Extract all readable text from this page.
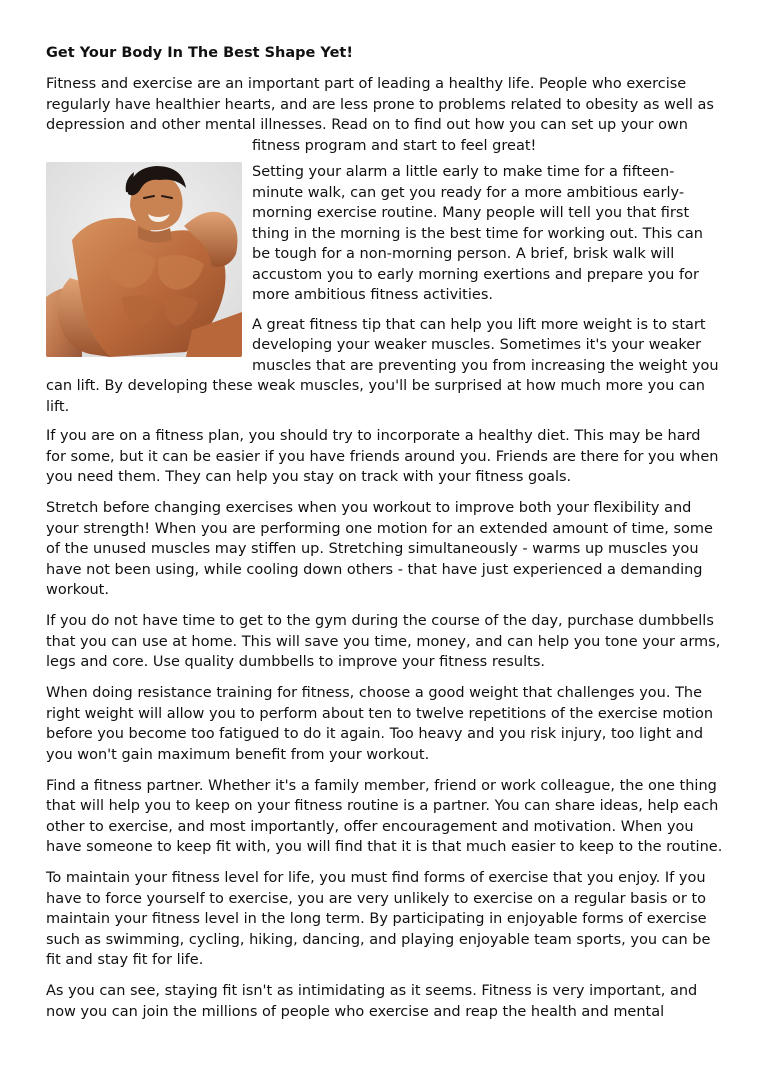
Get Your Body In The Best Shape Yet!

Fitness and exercise are an important part of leading a healthy life. People who exercise regularly have healthier hearts, and are less prone to problems related to obesity as well as depression and other mental illnesses. Read on to find out how you can set up your own
fitness program and start to feel great!

Setting your alarm a little early to make time for a fifteen-minute walk, can get you ready for a more ambitious early-morning exercise routine. Many people will tell you that first thing in the morning is the best time for working out. This can be tough for a non-morning person. A brief, brisk walk will accustom you to early morning exertions and prepare you for more ambitious fitness activities.

A great fitness tip that can help you lift more weight is to start developing your weaker muscles. Sometimes it's your weaker muscles that are preventing you from increasing the weight you can lift. By developing these weak muscles, you'll be surprised at how much more you can lift.

If you are on a fitness plan, you should try to incorporate a healthy diet. This may be hard for some, but it can be easier if you have friends around you. Friends are there for you when you need them. They can help you stay on track with your fitness goals.

Stretch before changing exercises when you workout to improve both your flexibility and your strength! When you are performing one motion for an extended amount of time, some of the unused muscles may stiffen up. Stretching simultaneously - warms up muscles you have not been using, while cooling down others - that have just experienced a demanding workout.

If you do not have time to get to the gym during the course of the day, purchase dumbbells that you can use at home. This will save you time, money, and can help you tone your arms, legs and core. Use quality dumbbells to improve your fitness results.

When doing resistance training for fitness, choose a good weight that challenges you. The right weight will allow you to perform about ten to twelve repetitions of the exercise motion before you become too fatigued to do it again. Too heavy and you risk injury, too light and you won't gain maximum benefit from your workout.

Find a fitness partner. Whether it's a family member, friend or work colleague, the one thing that will help you to keep on your fitness routine is a partner. You can share ideas, help each other to exercise, and most importantly, offer encouragement and motivation. When you have someone to keep fit with, you will find that it is that much easier to keep to the routine.

To maintain your fitness level for life, you must find forms of exercise that you enjoy. If you have to force yourself to exercise, you are very unlikely to exercise on a regular basis or to maintain your fitness level in the long term. By participating in enjoyable forms of exercise such as swimming, cycling, hiking, dancing, and playing enjoyable team sports, you can be fit and stay fit for life.

As you can see, staying fit isn't as intimidating as it seems. Fitness is very important, and now you can join the millions of people who exercise and reap the health and mental
